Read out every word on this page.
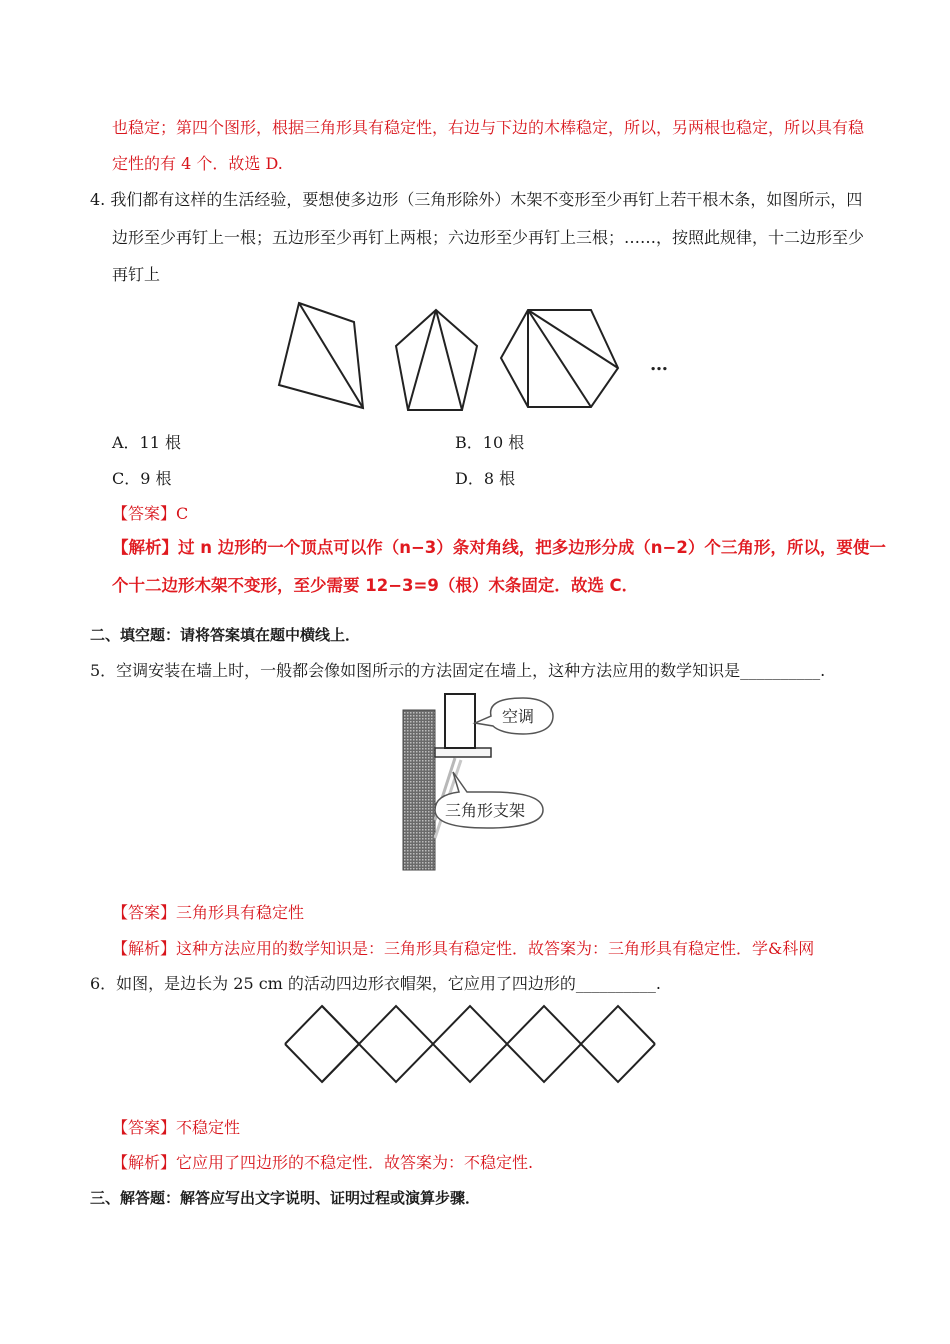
也稳定；第四个图形，根据三角形具有稳定性，右边与下边的木棒稳定，所以，另两根也稳定，所以具有稳
定性的有 4 个．故选 D.
4. 我们都有这样的生活经验，要想使多边形（三角形除外）木架不变形至少再钉上若干根木条，如图所示，四
边形至少再钉上一根；五边形至少再钉上两根；六边形至少再钉上三根；……，按照此规律，十二边形至少
再钉上
…
A．11 根	B．10 根
C．9 根	D．8 根
【答案】C
【解析】过 n 边形的一个顶点可以作（n−3）条对角线，把多边形分成（n−2）个三角形，所以，要使一
个十二边形木架不变形，至少需要 12−3=9（根）木条固定．故选 C．
二、填空题：请将答案填在题中横线上．
5．空调安装在墙上时，一般都会像如图所示的方法固定在墙上，这种方法应用的数学知识是__________.
空调
三角形支架
【答案】三角形具有稳定性
【解析】这种方法应用的数学知识是：三角形具有稳定性．故答案为：三角形具有稳定性．学&科网
6．如图，是边长为 25 cm 的活动四边形衣帽架，它应用了四边形的__________.
【答案】不稳定性
【解析】它应用了四边形的不稳定性．故答案为：不稳定性.
三、解答题：解答应写出文字说明、证明过程或演算步骤．
